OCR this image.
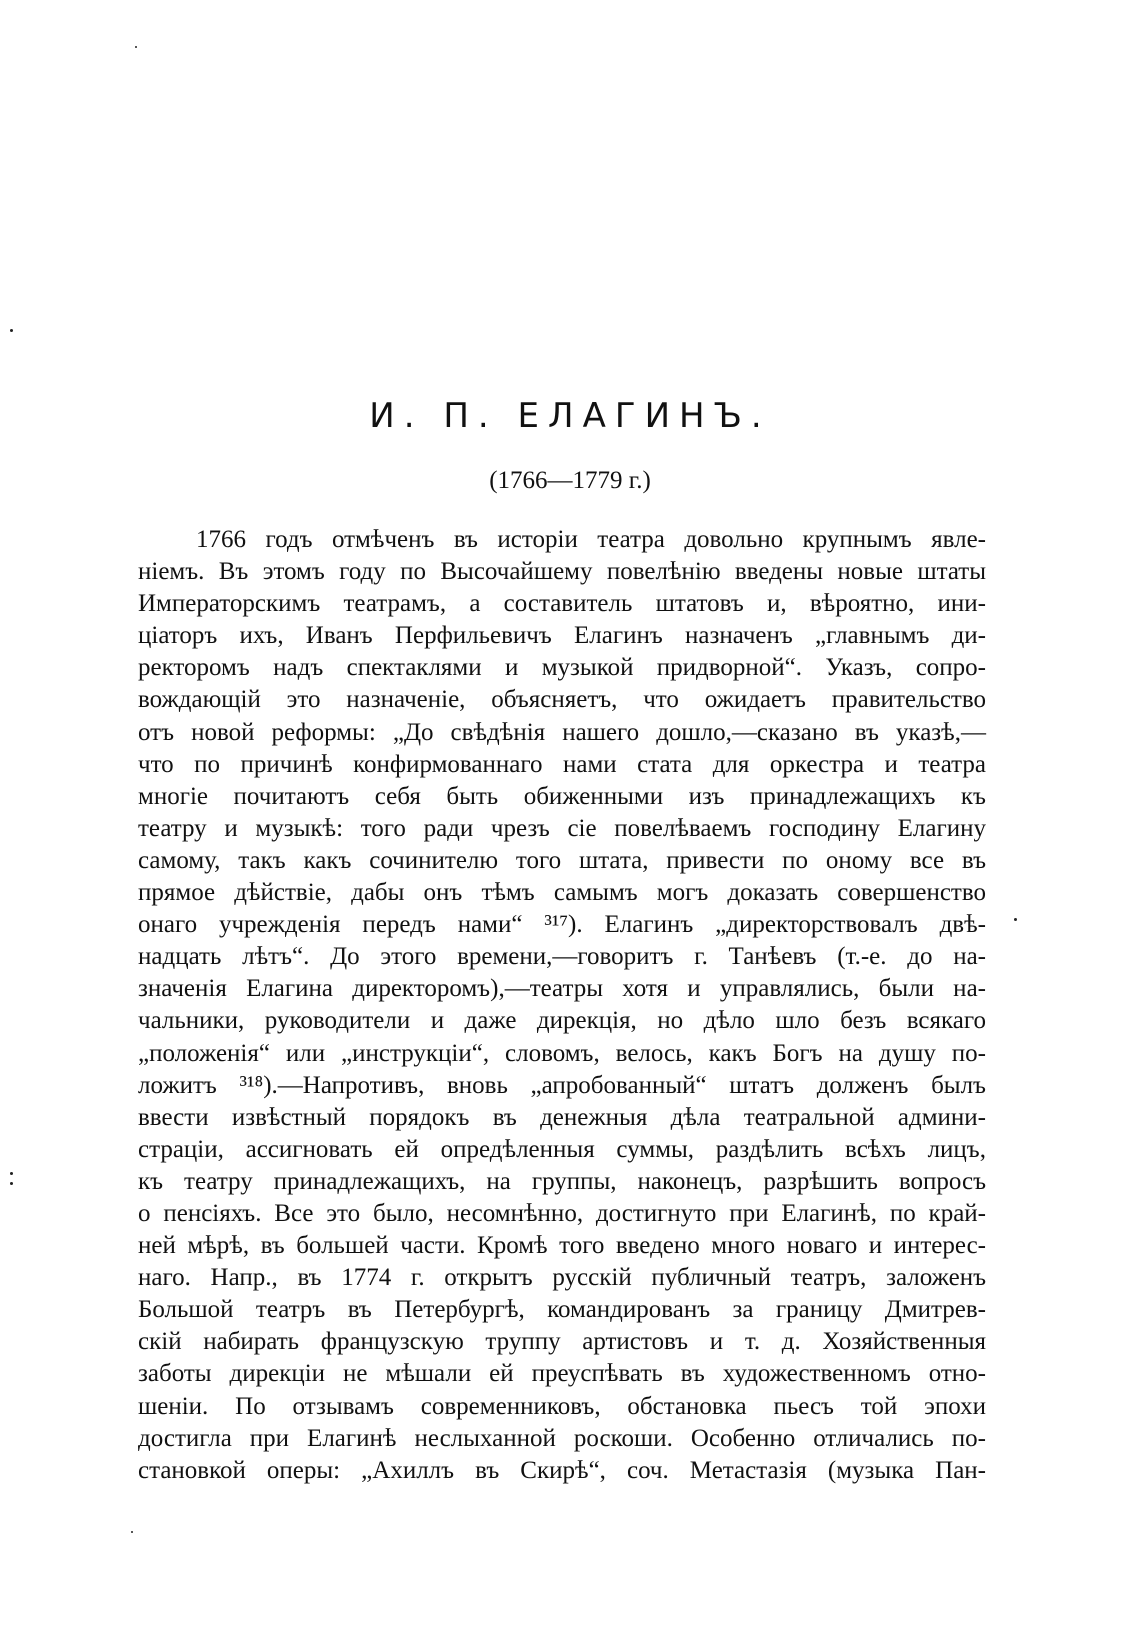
И. П. ЕЛАГИНЪ.
(1766—1779 г.)
1766 годъ отмѣченъ въ исторіи театра довольно крупнымъ явле-
ніемъ. Въ этомъ году по Высочайшему повелѣнію введены новые штаты
Императорскимъ театрамъ, а составитель штатовъ и, вѣроятно, ини-
ціаторъ ихъ, Иванъ Перфильевичъ Елагинъ назначенъ „главнымъ ди-
ректоромъ надъ спектаклями и музыкой придворной“. Указъ, сопро-
вождающій это назначеніе, объясняетъ, что ожидаетъ правительство
отъ новой реформы: „До свѣдѣнія нашего дошло,—сказано въ указѣ,—
что по причинѣ конфирмованнаго нами стата для оркестра и театра
многіе почитаютъ себя быть обиженными изъ принадлежащихъ къ
театру и музыкѣ: того ради чрезъ сіе повелѣваемъ господину Елагину
самому, такъ какъ сочинителю того штата, привести по оному все въ
прямое дѣйствіе, дабы онъ тѣмъ самымъ могъ доказать совершенство
онаго учрежденія передъ нами“ ³¹⁷). Елагинъ „директорствовалъ двѣ-
надцать лѣтъ“. До этого времени,—говоритъ г. Танѣевъ (т.-е. до на-
значенія Елагина директоромъ),—театры хотя и управлялись, были на-
чальники, руководители и даже дирекція, но дѣло шло безъ всякаго
„положенія“ или „инструкціи“, словомъ, велось, какъ Богъ на душу по-
ложитъ ³¹⁸).—Напротивъ, вновь „апробованный“ штатъ долженъ былъ
ввести извѣстный порядокъ въ денежныя дѣла театральной админи-
страціи, ассигновать ей опредѣленныя суммы, раздѣлить всѣхъ лицъ,
къ театру принадлежащихъ, на группы, наконецъ, разрѣшить вопросъ
о пенсіяхъ. Все это было, несомнѣнно, достигнуто при Елагинѣ, по край-
ней мѣрѣ, въ большей части. Кромѣ того введено много новаго и интерес-
наго. Напр., въ 1774 г. открытъ русскій публичный театръ, заложенъ
Большой театръ въ Петербургѣ, командированъ за границу Дмитрев-
скій набирать французскую труппу артистовъ и т. д. Хозяйственныя
заботы дирекціи не мѣшали ей преуспѣвать въ художественномъ отно-
шеніи. По отзывамъ современниковъ, обстановка пьесъ той эпохи
достигла при Елагинѣ неслыханной роскоши. Особенно отличались по-
становкой оперы: „Ахиллъ въ Скирѣ“, соч. Метастазія (музыка Пан-
